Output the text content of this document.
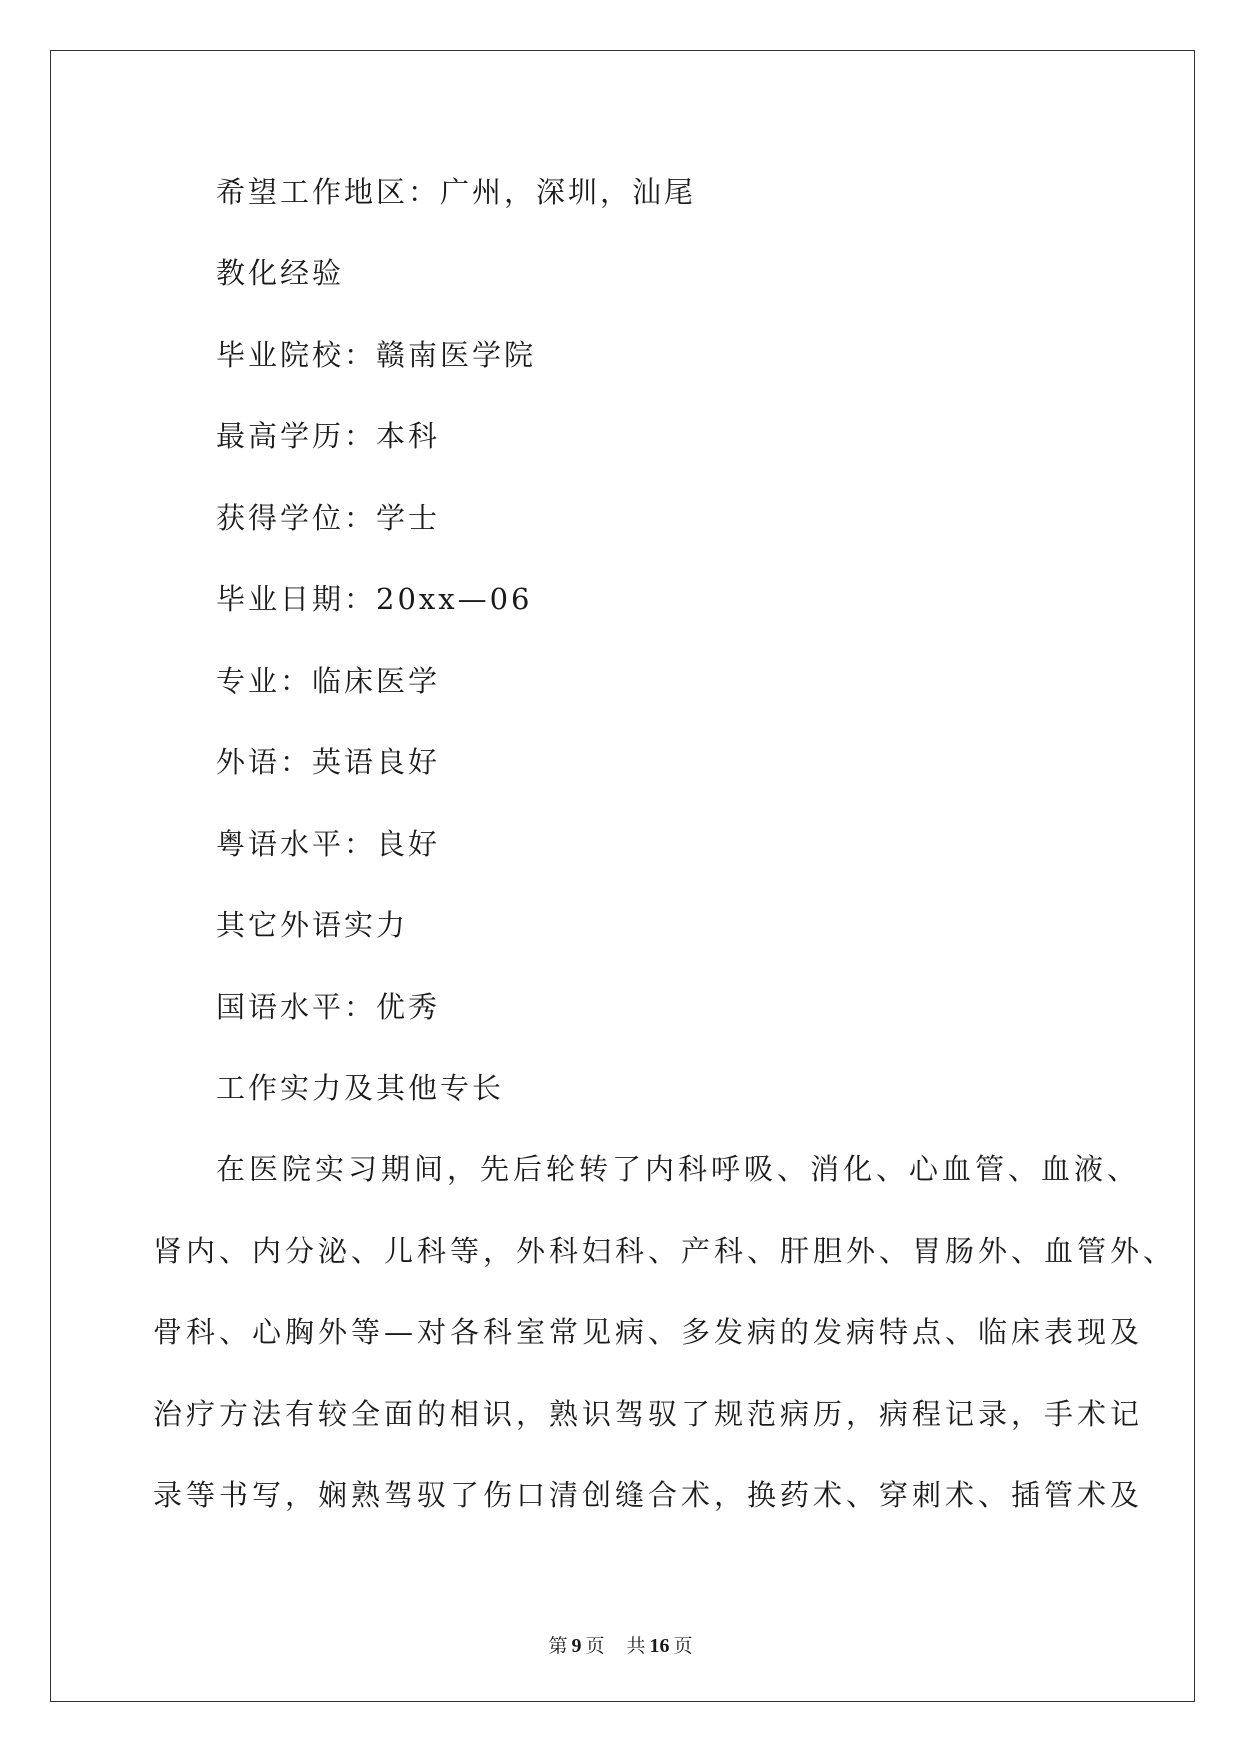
希望工作地区：广州，深圳，汕尾
教化经验
毕业院校：赣南医学院
最高学历：本科
获得学位：学士
毕业日期：20xx—06
专业：临床医学
外语：英语良好
粤语水平：良好
其它外语实力
国语水平：优秀
工作实力及其他专长
在医院实习期间，先后轮转了内科呼吸、消化、心血管、血液、
肾内、内分泌、儿科等，外科妇科、产科、肝胆外、胃肠外、血管外、
骨科、心胸外等—对各科室常见病、多发病的发病特点、临床表现及
治疗方法有较全面的相识，熟识驾驭了规范病历，病程记录，手术记
录等书写，娴熟驾驭了伤口清创缝合术，换药术、穿刺术、插管术及
第 9 页 共 16 页
